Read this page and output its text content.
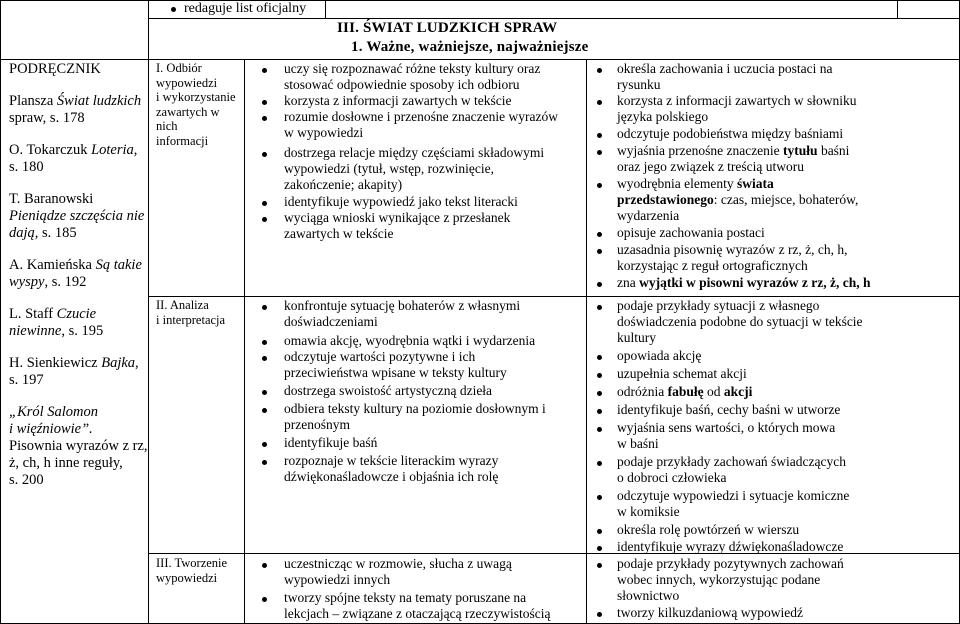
redaguje list oficjalny
III. ŚWIAT LUDZKICH SPRAW
1. Ważne, ważniejsze, najważniejsze
PODRĘCZNIK
Plansza Świat ludzkich
spraw, s. 178
O. Tokarczuk Loteria,
s. 180
T. Baranowski
Pieniądze szczęścia nie
dają, s. 185
A. Kamieńska Są takie
wyspy, s. 192
L. Staff Czucie
niewinne, s. 195
H. Sienkiewicz Bajka,
s. 197
„Król Salomon
i więźniowie”.
Pisownia wyrazów z rz,
ż, ch, h inne reguły,
s. 200
I. Odbiór
wypowiedzi
i wykorzystanie
zawartych w
nich
informacji
II. Analiza
i interpretacja
III. Tworzenie
wypowiedzi
uczy się rozpoznawać różne teksty kultury oraz
stosować odpowiednie sposoby ich odbioru
korzysta z informacji zawartych w tekście
rozumie dosłowne i przenośne znaczenie wyrazów
w wypowiedzi
dostrzega relacje między częściami składowymi
wypowiedzi (tytuł, wstęp, rozwinięcie,
zakończenie; akapity)
identyfikuje wypowiedź jako tekst literacki
wyciąga wnioski wynikające z przesłanek
zawartych w tekście
konfrontuje sytuację bohaterów z własnymi
doświadczeniami
omawia akcję, wyodrębnia wątki i wydarzenia
odczytuje wartości pozytywne i ich
przeciwieństwa wpisane w teksty kultury
dostrzega swoistość artystyczną dzieła
odbiera teksty kultury na poziomie dosłownym i
przenośnym
identyfikuje baśń
rozpoznaje w tekście literackim wyrazy
dźwiękonaśladowcze i objaśnia ich rolę
uczestnicząc w rozmowie, słucha z uwagą
wypowiedzi innych
tworzy spójne teksty na tematy poruszane na
lekcjach – związane z otaczającą rzeczywistością
określa zachowania i uczucia postaci na
rysunku
korzysta z informacji zawartych w słowniku
języka polskiego
odczytuje podobieństwa między baśniami
wyjaśnia przenośne znaczenie tytułu baśni
oraz jego związek z treścią utworu
wyodrębnia elementy świata
przedstawionego: czas, miejsce, bohaterów,
wydarzenia
opisuje zachowania postaci
uzasadnia pisownię wyrazów z rz, ż, ch, h,
korzystając z reguł ortograficznych
zna wyjątki w pisowni wyrazów z rz, ż, ch, h
podaje przykłady sytuacji z własnego
doświadczenia podobne do sytuacji w tekście
kultury
opowiada akcję
uzupełnia schemat akcji
odróżnia fabułę od akcji
identyfikuje baśń, cechy baśni w utworze
wyjaśnia sens wartości, o których mowa
w baśni
podaje przykłady zachowań świadczących
o dobroci człowieka
odczytuje wypowiedzi i sytuacje komiczne
w komiksie
określa rolę powtórzeń w wierszu
identyfikuje wyrazy dźwiękonaśladowcze
podaje przykłady pozytywnych zachowań
wobec innych, wykorzystując podane
słownictwo
tworzy kilkuzdaniową wypowiedź
